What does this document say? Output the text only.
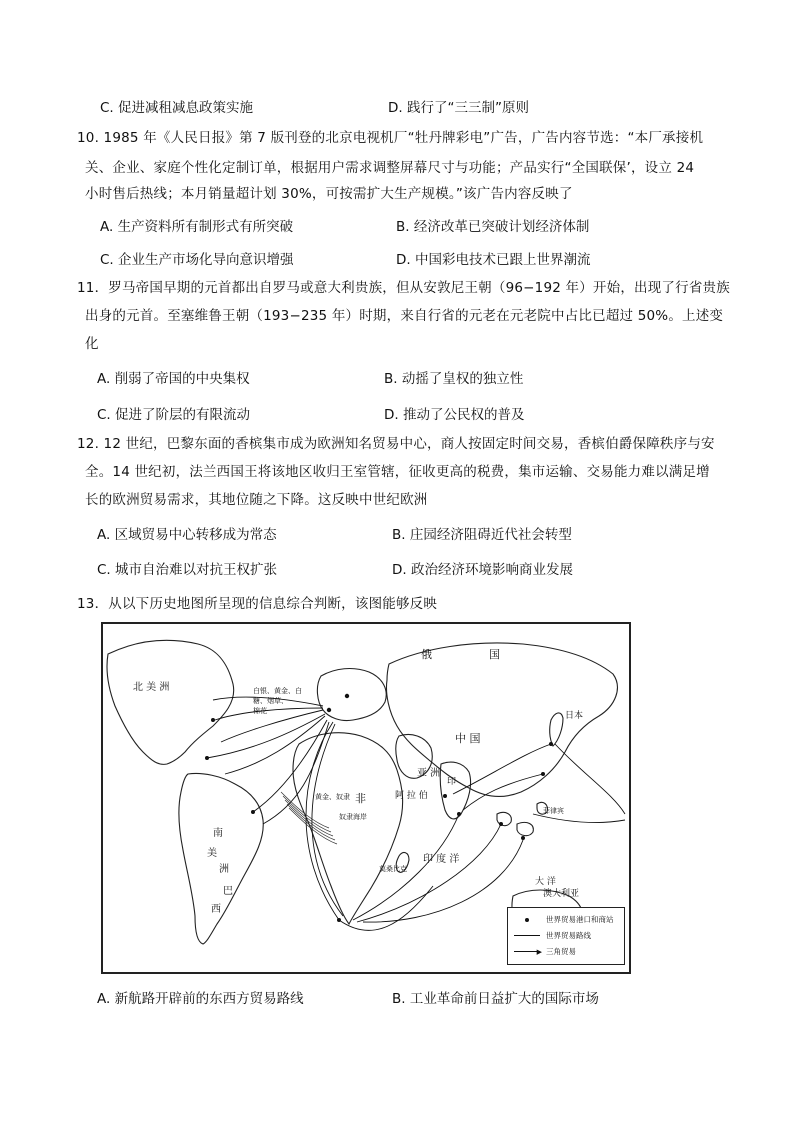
C. 促进减租减息政策实施	D. 践行了“三三制”原则
10. 1985 年《人民日报》第 7 版刊登的北京电视机厂“牡丹牌彩电”广告，广告内容节选：“本厂承接机
关、企业、家庭个性化定制订单，根据用户需求调整屏幕尺寸与功能；产品实行“全国联保’，设立 24
小时售后热线；本月销量超计划 30%，可按需扩大生产规模。”该广告内容反映了
A. 生产资料所有制形式有所突破	B. 经济改革已突破计划经济体制
C. 企业生产市场化导向意识增强	D. 中国彩电技术已跟上世界潮流
11．罗马帝国早期的元首都出自罗马或意大利贵族，但从安敦尼王朝（96−192 年）开始，出现了行省贵族
出身的元首。至塞维鲁王朝（193−235 年）时期，来自行省的元老在元老院中占比已超过 50%。上述变
化
A. 削弱了帝国的中央集权	B. 动摇了皇权的独立性
C. 促进了阶层的有限流动	D. 推动了公民权的普及
12. 12 世纪，巴黎东面的香槟集市成为欧洲知名贸易中心，商人按固定时间交易，香槟伯爵保障秩序与安
全。14 世纪初，法兰西国王将该地区收归王室管辖，征收更高的税费，集市运输、交易能力难以满足增
长的欧洲贸易需求，其地位随之下降。这反映中世纪欧洲
A. 区域贸易中心转移成为常态	B. 庄园经济阻碍近代社会转型
C. 城市自治难以对抗王权扩张	D. 政治经济环境影响商业发展
13．从以下历史地图所呈现的信息综合判断，该图能够反映
北 美 洲
南
美
洲
巴
西
俄	国
中 国
亚 洲
日本
阿 拉 伯
非
印
澳大利亚
印 度 洋
大 洋
奴隶海岸
白银、黄金、白
糖、烟草、
棉花
黄金、奴隶
莫桑比克
菲律宾
世界贸易港口和商站
世界贸易路线
▶ 三角贸易
A. 新航路开辟前的东西方贸易路线	B. 工业革命前日益扩大的国际市场
